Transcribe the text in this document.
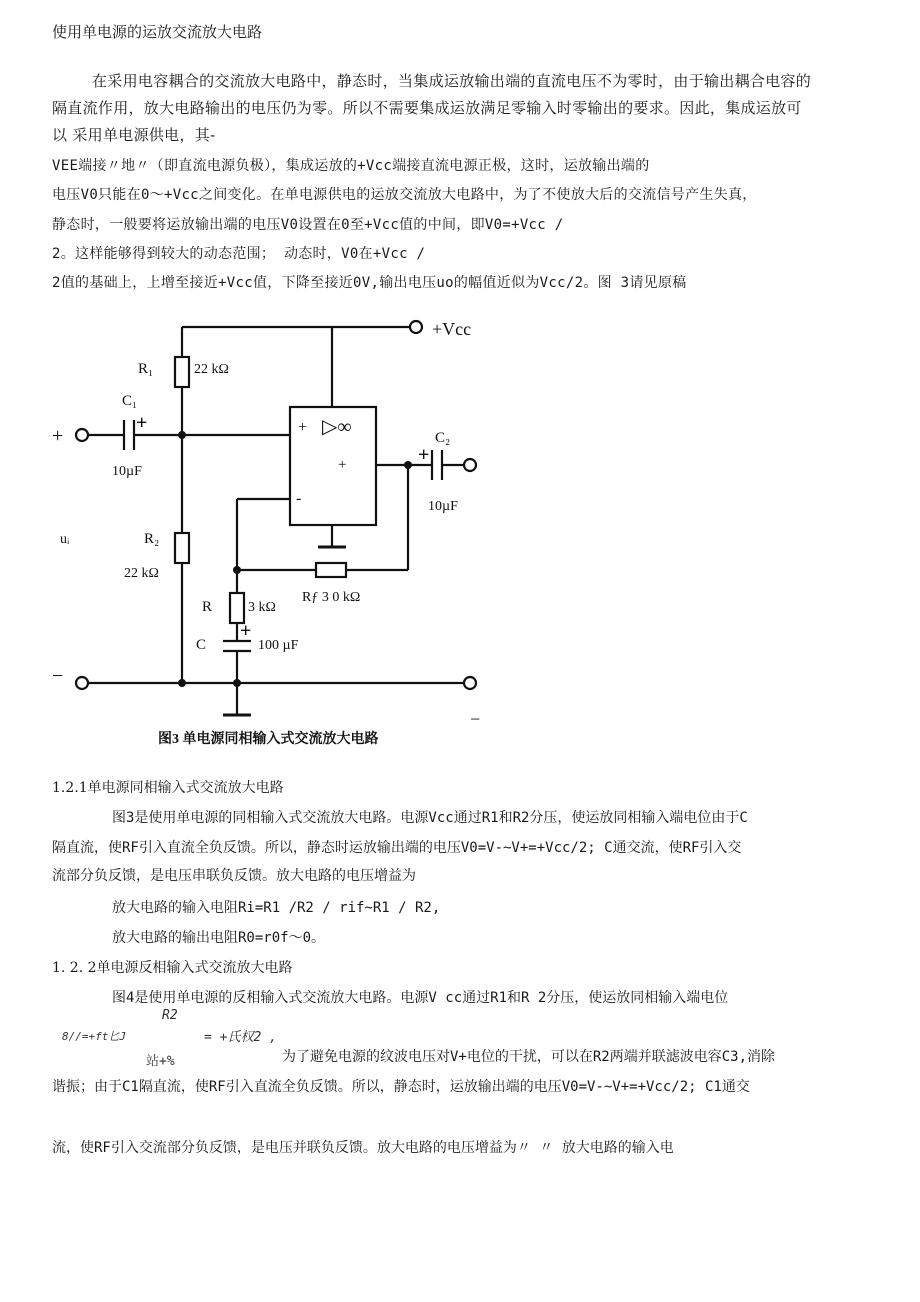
使用单电源的运放交流放大电路
在采用电容耦合的交流放大电路中，静态时，当集成运放输出端的直流电压不为零时，由于输出耦合电容的
隔直流作用，放大电路输出的电压仍为零。所以不需要集成运放满足零输入时零输出的要求。因此，集成运放可
以 采用单电源供电，其-
VEE端接〃地〃（即直流电源负极），集成运放的+Vcc端接直流电源正极，这时，运放输出端的
电压V0只能在0～+Vcc之间变化。在单电源供电的运放交流放大电路中，为了不使放大后的交流信号产生失真，
静态时，一般要将运放输出端的电压V0设置在0至+Vcc值的中间，即V0=+Vcc /
2。这样能够得到较大的动态范围； 动态时，V0在+Vcc /
2值的基础上，上增至接近+Vcc值，下降至接近0V,输出电压uo的幅值近似为Vcc/2。图 3请见原稿
+Vcc
R₁	22 kΩ
C₁
+
10µF
+	C₂
+
10µF
+
-
+
▷∞
uᵢ	R₂
22 kΩ
R	3 kΩ
Rƒ 3 0 kΩ
C
+
100 µF
−
−
图3 单电源同相输入式交流放大电路
1.2.1单电源同相输入式交流放大电路
图3是使用单电源的同相输入式交流放大电路。电源Vcc通过R1和R2分压，使运放同相输入端电位由于C
隔直流，使RF引入直流全负反馈。所以，静态时运放输出端的电压V0=V-~V+=+Vcc/2; C通交流，使RF引入交
流部分负反馈，是电压串联负反馈。放大电路的电压增益为
放大电路的输入电阻Ri=R1 /R2 / rif~R1 / R2,
放大电路的输出电阻R0=r0f～0。
1. 2. 2单电源反相输入式交流放大电路
图4是使用单电源的反相输入式交流放大电路。电源V cc通过R1和R 2分压，使运放同相输入端电位
R2
8//=+ft匕J	= +氏权2 ,
站+%	为了避免电源的纹波电压对V+电位的干扰，可以在R2两端并联滤波电容C3,消除
谐振；由于C1隔直流，使RF引入直流全负反馈。所以，静态时，运放输出端的电压V0=V-~V+=+Vcc/2; C1通交
流，使RF引入交流部分负反馈，是电压并联负反馈。放大电路的电压增益为〃 〃 放大电路的输入电
